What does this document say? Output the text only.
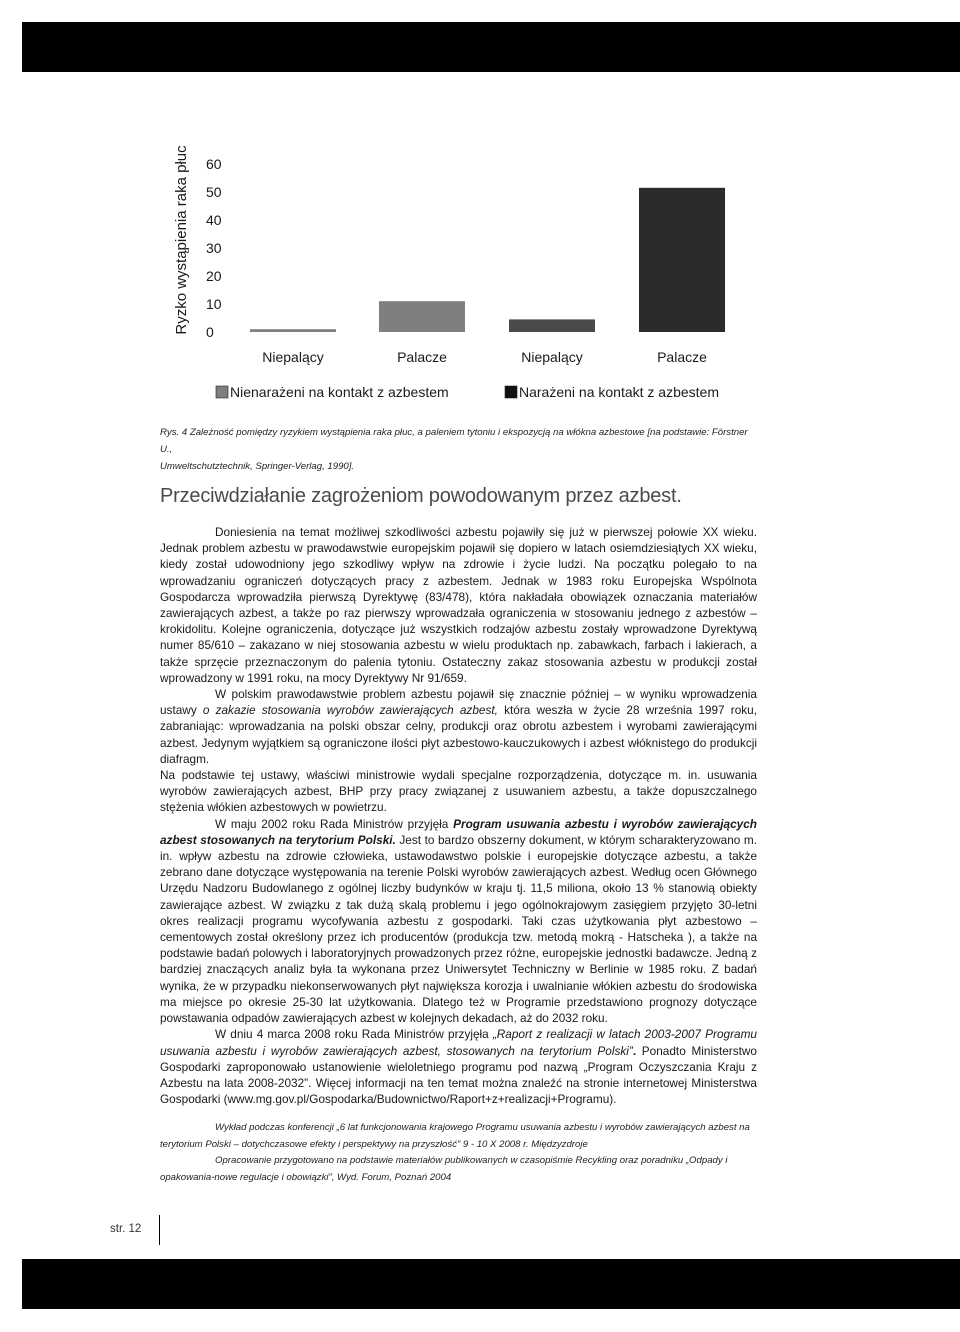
Ryzko wystąpienia raka płuc 0
10
20
30
40
50
60
Niepalący	Palacze	Niepalący	Palacze
Nienarażeni na kontakt z azbestem	Narażeni na kontakt z azbestem
Rys. 4 Zależność pomiędzy ryzykiem wystąpienia raka płuc, a paleniem tytoniu i ekspozycją na włókna azbestowe [na podstawie: Förstner U.,
Umweltschutztechnik, Springer-Verlag, 1990].
Przeciwdziałanie zagrożeniom powodowanym przez azbest.

Doniesienia na temat możliwej szkodliwości azbestu pojawiły się już w pierwszej połowie XX wieku. Jednak problem azbestu w prawodawstwie europejskim pojawił się dopiero w latach osiemdziesiątych XX wieku, kiedy został udowodniony jego szkodliwy wpływ na zdrowie i życie ludzi. Na początku polegało to na wprowadzaniu ograniczeń dotyczących pracy z azbestem. Jednak w 1983 roku Europejska Wspólnota Gospodarcza wprowadziła pierwszą Dyrektywę (83/478), która nakładała obowiązek oznaczania materiałów zawierających azbest, a także po raz pierwszy wprowadzała ograniczenia w stosowaniu jednego z azbestów – krokidolitu. Kolejne ograniczenia, dotyczące już wszystkich rodzajów azbestu zostały wprowadzone Dyrektywą numer 85/610 – zakazano w niej stosowania azbestu w wielu produktach np. zabawkach, farbach i lakierach, a także sprzęcie przeznaczonym do palenia tytoniu. Ostateczny zakaz stosowania azbestu w produkcji został wprowadzony w 1991 roku, na mocy Dyrektywy Nr 91/659.

W polskim prawodawstwie problem azbestu pojawił się znacznie później – w wyniku wprowadzenia ustawy o zakazie stosowania wyrobów zawierających azbest, która weszła w życie 28 września 1997 roku, zabraniając: wprowadzania na polski obszar celny, produkcji oraz obrotu azbestem i wyrobami zawierającymi azbest. Jedynym wyjątkiem są ograniczone ilości płyt azbestowo-kauczukowych i azbest włóknistego do produkcji diafragm.

Na podstawie tej ustawy, właściwi ministrowie wydali specjalne rozporządzenia, dotyczące m. in. usuwania wyrobów zawierających azbest, BHP przy pracy związanej z usuwaniem azbestu, a także dopuszczalnego stężenia włókien azbestowych w powietrzu.

W maju 2002 roku Rada Ministrów przyjęła Program usuwania azbestu i wyrobów zawierających azbest stosowanych na terytorium Polski. Jest to bardzo obszerny dokument, w którym scharakteryzowano m. in. wpływ azbestu na zdrowie człowieka, ustawodawstwo polskie i europejskie dotyczące azbestu, a także zebrano dane dotyczące występowania na terenie Polski wyrobów zawierających azbest. Według ocen Głównego Urzędu Nadzoru Budowlanego z ogólnej liczby budynków w kraju tj. 11,5 miliona, około 13 % stanowią obiekty zawierające azbest. W związku z tak dużą skalą problemu i jego ogólnokrajowym zasięgiem przyjęto 30-letni okres realizacji programu wycofywania azbestu z gospodarki. Taki czas użytkowania płyt azbestowo –cementowych został określony przez ich producentów (produkcja tzw. metodą mokrą - Hatscheka ), a także na podstawie badań polowych i laboratoryjnych prowadzonych przez różne, europejskie jednostki badawcze. Jedną z bardziej znaczących analiz była ta wykonana przez Uniwersytet Techniczny w Berlinie w 1985 roku. Z badań wynika, że w przypadku niekonserwowanych płyt największa korozja i uwalnianie włókien azbestu do środowiska ma miejsce po okresie 25-30 lat użytkowania. Dlatego też w Programie przedstawiono prognozy dotyczące powstawania odpadów zawierających azbest w kolejnych dekadach, aż do 2032 roku.

W dniu 4 marca 2008 roku Rada Ministrów przyjęła „Raport z realizacji w latach 2003-2007 Programu usuwania azbestu i wyrobów zawierających azbest, stosowanych na terytorium Polski”. Ponadto Ministerstwo Gospodarki zaproponowało ustanowienie wieloletniego programu pod nazwą „Program Oczyszczania Kraju z Azbestu na lata 2008-2032”. Więcej informacji na ten temat można znaleźć na stronie internetowej Ministerstwa Gospodarki (www.mg.gov.pl/Gospodarka/Budownictwo/Raport+z+realizacji+Programu).

Wykład podczas konferencji „6 lat funkcjonowania krajowego Programu usuwania azbestu i wyrobów zawierających azbest na terytorium Polski – dotychczasowe efekty i perspektywy na przyszłość” 9 - 10 X 2008 r. Międzyzdroje

Opracowanie przygotowano na podstawie materiałów publikowanych w czasopiśmie Recykling oraz poradniku „Odpady i opakowania-nowe regulacje i obowiązki”, Wyd. Forum, Poznań 2004

str. 12
